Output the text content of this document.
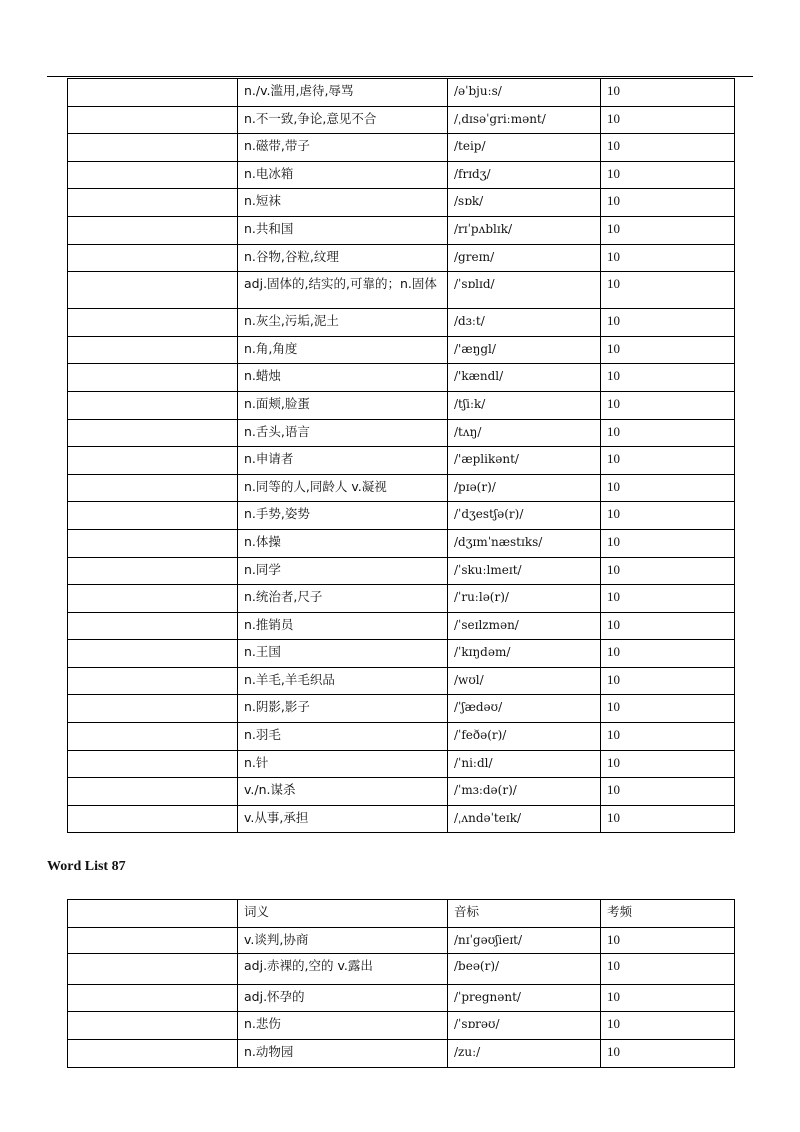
	n./v.滥用,虐待,辱骂	/əˈbjuːs/	10
	n.不一致,争论,意见不合	/ˌdɪsəˈgriːmənt/	10
	n.磁带,带子	/teip/	10
	n.电冰箱	/frɪdʒ/	10
	n.短袜	/sɒk/	10
	n.共和国	/rɪˈpʌblɪk/	10
	n.谷物,谷粒,纹理	/greɪn/	10
	adj.固体的,结实的,可靠的；n.固体	/ˈsɒlɪd/	10
	n.灰尘,污垢,泥土	/dɜːt/	10
	n.角,角度	/'æŋgl/	10
	n.蜡烛	/'kændl/	10
	n.面颊,脸蛋	/tʃiːk/	10
	n.舌头,语言	/tʌŋ/	10
	n.申请者	/'æplikənt/	10
	n.同等的人,同龄人 v.凝视	/pɪə(r)/	10
	n.手势,姿势	/ˈdʒestʃə(r)/	10
	n.体操	/dʒɪmˈnæstɪks/	10
	n.同学	/ˈskuːlmeɪt/	10
	n.统治者,尺子	/ˈruːlə(r)/	10
	n.推销员	/ˈseɪlzmən/	10
	n.王国	/ˈkɪŋdəm/	10
	n.羊毛,羊毛织品	/wʊl/	10
	n.阴影,影子	/ˈʃædəʊ/	10
	n.羽毛	/ˈfeðə(r)/	10
	n.针	/ˈniːdl/	10
	v./n.谋杀	/ˈmɜːdə(r)/	10
	v.从事,承担	/ˌʌndəˈteɪk/	10
Word List 87
	词义	音标	考频
	v.谈判,协商	/nɪˈgəʊʃieɪt/	10
	adj.赤裸的,空的 v.露出	/beə(r)/	10
	adj.怀孕的	/ˈpregnənt/	10
	n.悲伤	/ˈsɒrəʊ/	10
	n.动物园	/zuː/	10
